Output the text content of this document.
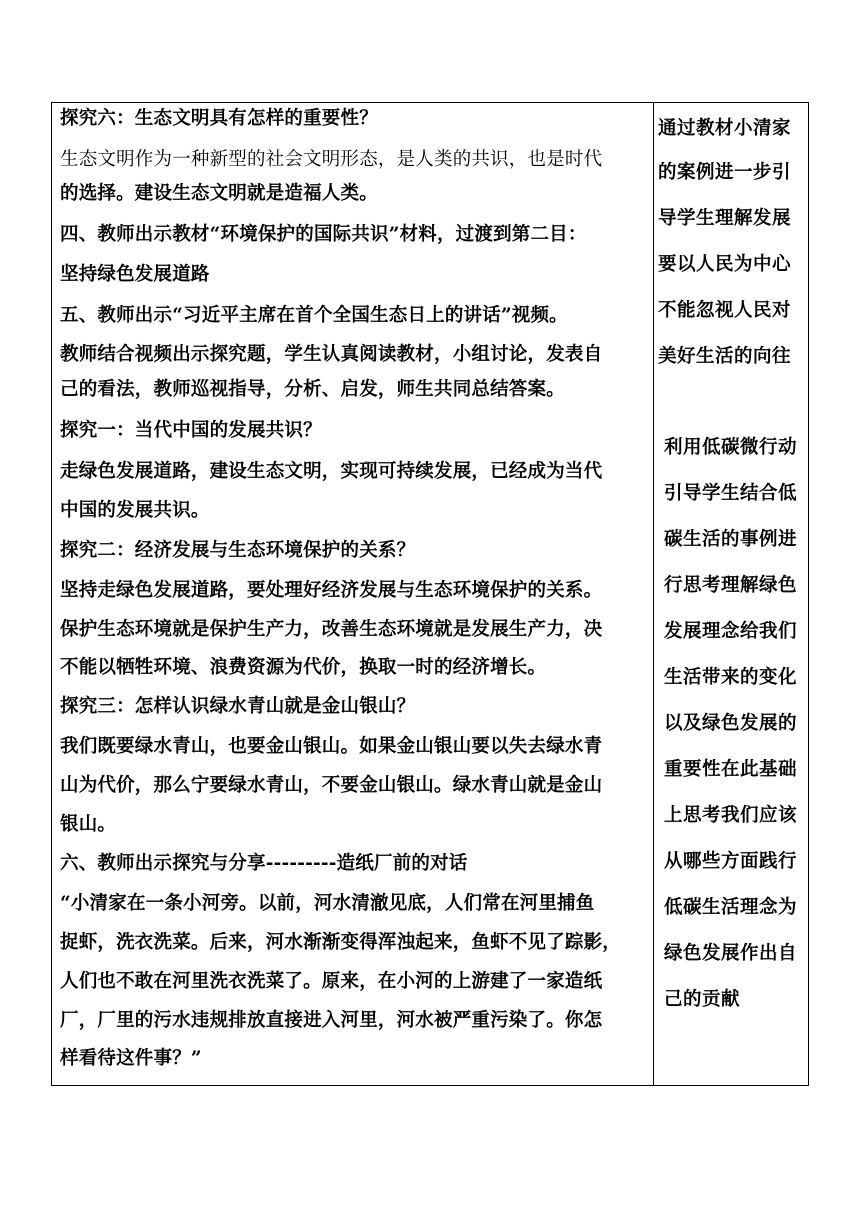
探究六：生态文明具有怎样的重要性？
生态文明作为一种新型的社会文明形态，是人类的共识，也是时代
的选择。建设生态文明就是造福人类。
四、教师出示教材“环境保护的国际共识”材料，过渡到第二目：
坚持绿色发展道路
五、教师出示“习近平主席在首个全国生态日上的讲话”视频。
教师结合视频出示探究题，学生认真阅读教材，小组讨论，发表自
己的看法，教师巡视指导，分析、启发，师生共同总结答案。
探究一：当代中国的发展共识？
走绿色发展道路，建设生态文明，实现可持续发展，已经成为当代
中国的发展共识。
探究二：经济发展与生态环境保护的关系？
坚持走绿色发展道路，要处理好经济发展与生态环境保护的关系。
保护生态环境就是保护生产力，改善生态环境就是发展生产力，决
不能以牺牲环境、浪费资源为代价，换取一时的经济增长。
探究三：怎样认识绿水青山就是金山银山？
我们既要绿水青山，也要金山银山。如果金山银山要以失去绿水青
山为代价，那么宁要绿水青山，不要金山银山。绿水青山就是金山
银山。
六、教师出示探究与分享---------造纸厂前的对话
“小清家在一条小河旁。以前，河水清澈见底，人们常在河里捕鱼
捉虾，洗衣洗菜。后来，河水渐渐变得浑浊起来，鱼虾不见了踪影，
人们也不敢在河里洗衣洗菜了。原来，在小河的上游建了一家造纸
厂，厂里的污水违规排放直接进入河里，河水被严重污染了。你怎
样看待这件事？”
通过教材小清家
的案例进一步引
导学生理解发展
要以人民为中心
不能忽视人民对
美好生活的向往
利用低碳微行动
引导学生结合低
碳生活的事例进
行思考理解绿色
发展理念给我们
生活带来的变化
以及绿色发展的
重要性在此基础
上思考我们应该
从哪些方面践行
低碳生活理念为
绿色发展作出自
己的贡献
